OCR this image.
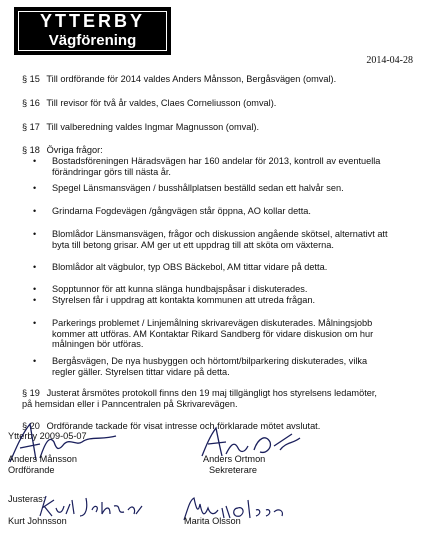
YTTERBY
Vägförening
2014-04-28
§ 15 Till ordförande för 2014 valdes Anders Månsson, Bergåsvägen (omval).
§ 16 Till revisor för två år valdes, Claes Corneliusson (omval).
§ 17 Till valberedning valdes Ingmar Magnusson (omval).
§ 18 Övriga frågor:
• Bostadsföreningen Häradsvägen har 160 andelar för 2013, kontroll av eventuella
förändringar görs till nästa år.
• Spegel Länsmansvägen / busshållplatsen beställd sedan ett halvår sen.
• Grindarna Fogdevägen /gångvägen står öppna, AO kollar detta.
• Blomlådor Länsmansvägen, frågor och diskussion angående skötsel, alternativt att
byta till betong grisar. AM ger ut ett uppdrag till att sköta om växterna.
• Blomlådor alt vägbulor, typ OBS Bäckebol, AM tittar vidare på detta.
• Sopptunnor för att kunna slänga hundbajspåsar i diskuterades.
• Styrelsen får i uppdrag att kontakta kommunen att utreda frågan.
• Parkerings problemet / Linjemålning skrivarevägen diskuterades. Målningsjobb
kommer att utföras. AM Kontaktar Rikard Sandberg för vidare diskusion om hur
målningen bör utföras.
• Bergåsvägen, De nya husbyggen och hörtomt/bilparkering diskuterades, vilka
regler gäller. Styrelsen tittar vidare på detta.
§ 19 Justerat årsmötes protokoll finns den 19 maj tillgängligt hos styrelsens ledamöter,
på hemsidan eller i Panncentralen på Skrivarevägen.
§ 20 Ordförande tackade för visat intresse och förklarade mötet avslutat.
Ytterby 2009-05-07
Anders Månsson
Ordförande
Anders Ortmon
Sekreterare
Justeras:
Kurt Johnsson	Marita Olsson
